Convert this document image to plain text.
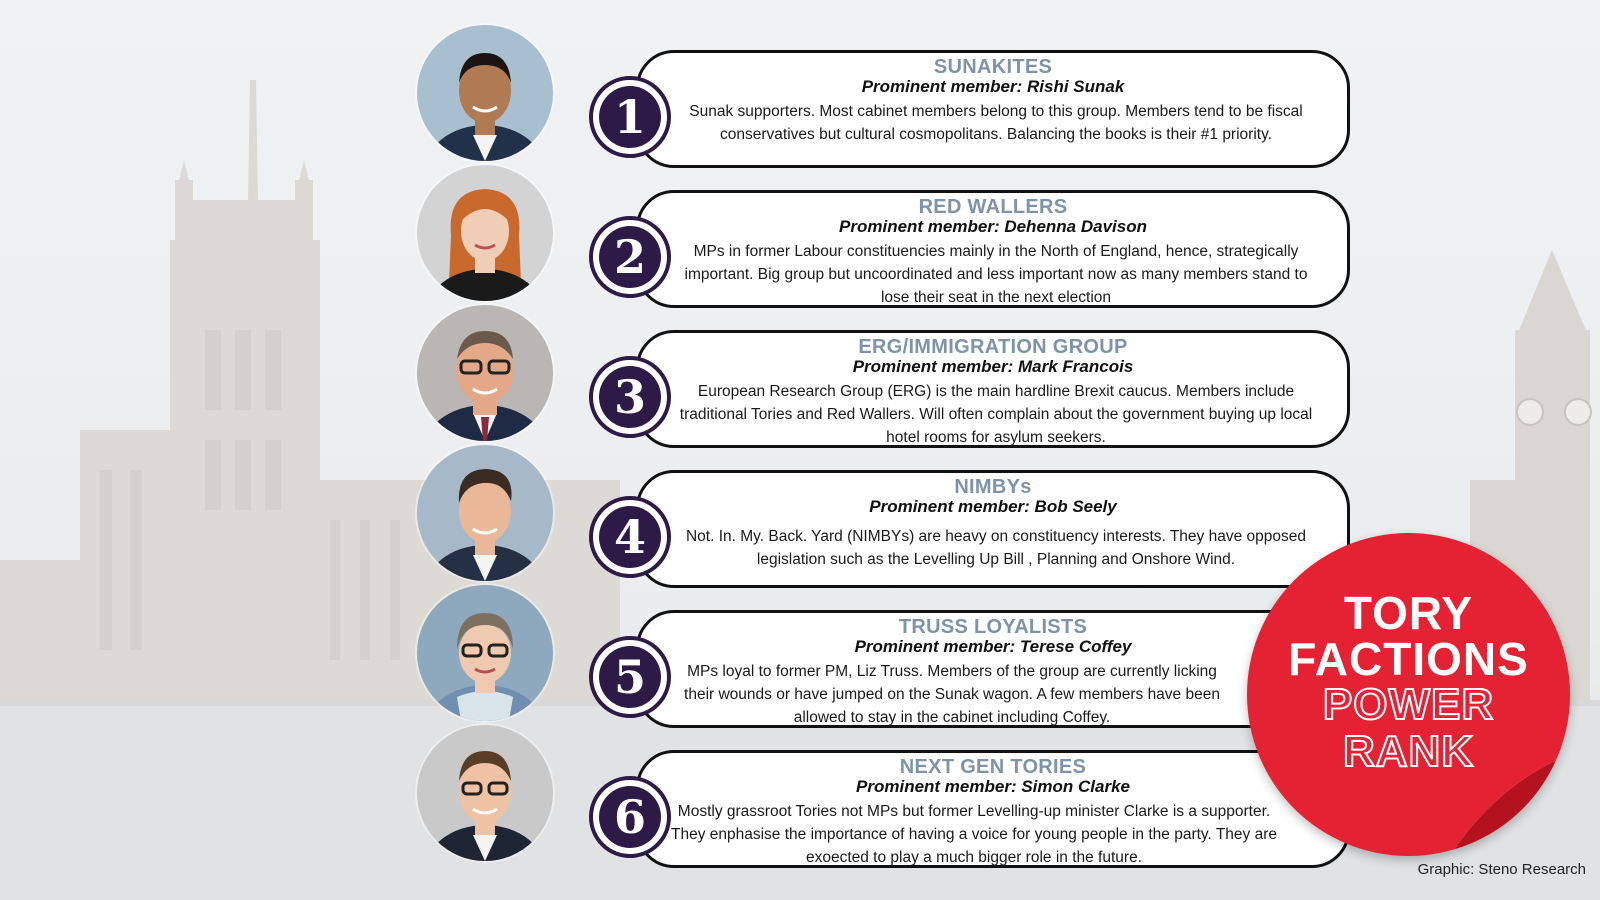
SUNAKITES
Prominent member: Rishi Sunak
Sunak supporters. Most cabinet members belong to this group. Members tend to be fiscal conservatives but cultural cosmopolitans. Balancing the books is their #1 priority.
1
RED WALLERS
Prominent member: Dehenna Davison
MPs in former Labour constituencies mainly in the North of England, hence, strategically important. Big group but uncoordinated and less important now as many members stand to lose their seat in the next election
2
ERG/IMMIGRATION GROUP
Prominent member: Mark Francois
European Research Group (ERG) is the main hardline Brexit caucus. Members include traditional Tories and Red Wallers. Will often complain about the government buying up local hotel rooms for asylum seekers.
3
NIMBYs
Prominent member: Bob Seely
Not. In. My. Back. Yard (NIMBYs) are heavy on constituency interests. They have opposed legislation such as the Levelling Up Bill , Planning and Onshore Wind.
4
TRUSS LOYALISTS
Prominent member: Terese Coffey
MPs loyal to former PM, Liz Truss. Members of the group are currently licking their wounds or have jumped on the Sunak wagon. A few members have been allowed to stay in the cabinet including Coffey.
5
NEXT GEN TORIES
Prominent member: Simon Clarke
Mostly grassroot Tories not MPs but former Levelling-up minister Clarke is a supporter. They enphasise the importance of having a voice for young people in the party. They are exoected to play a much bigger role in the future.
6
TORY
FACTIONS
POWER
RANK
Graphic: Steno Research
